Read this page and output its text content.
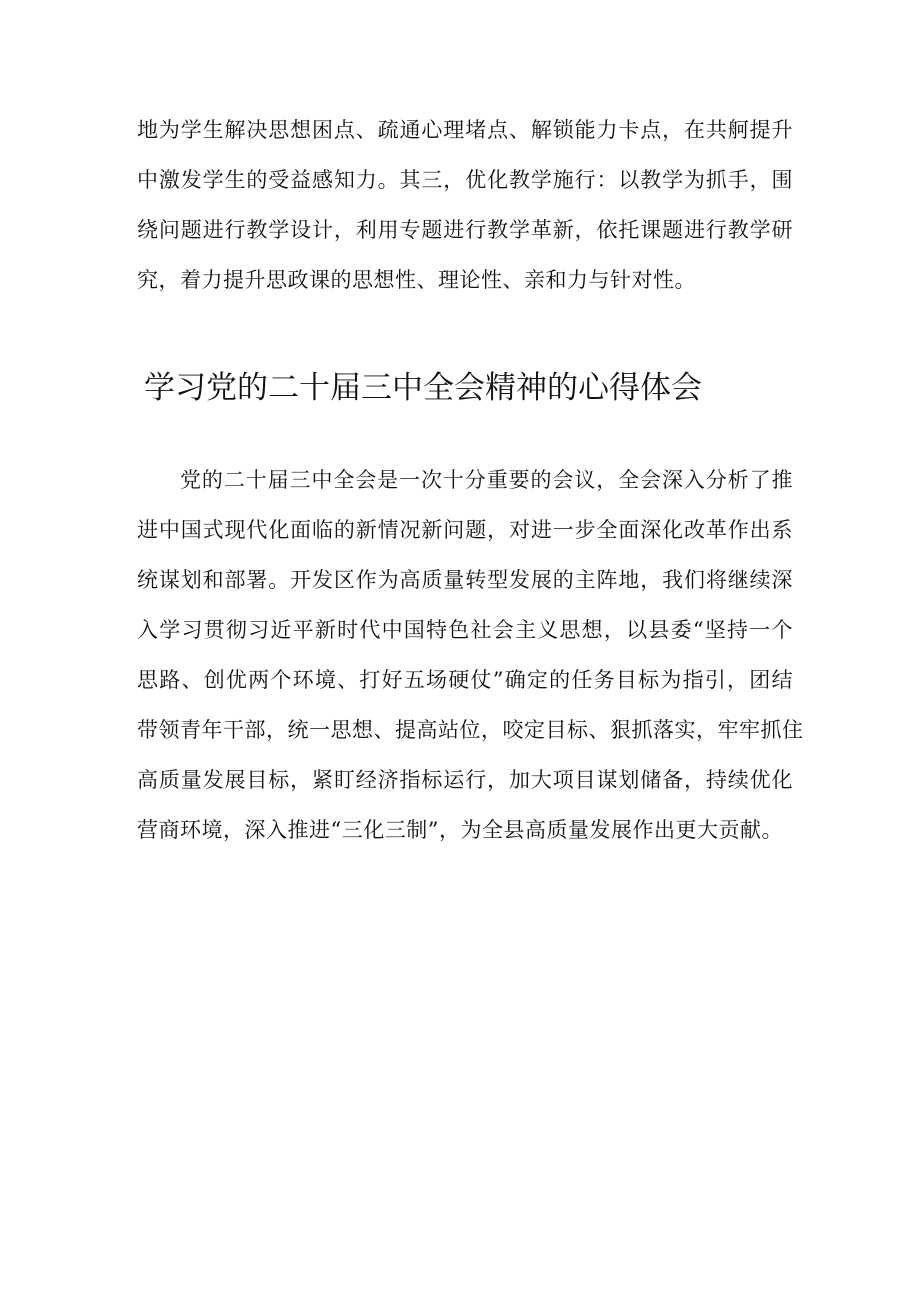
地为学生解决思想困点、疏通心理堵点、解锁能力卡点，在共舸提升
中激发学生的受益感知力。其三，优化教学施行：以教学为抓手，围
绕问题进行教学设计，利用专题进行教学革新，依托课题进行教学研
究，着力提升思政课的思想性、理论性、亲和力与针对性。
学习党的二十届三中全会精神的心得体会
党的二十届三中全会是一次十分重要的会议，全会深入分析了推
进中国式现代化面临的新情况新问题，对进一步全面深化改革作出系
统谋划和部署。开发区作为高质量转型发展的主阵地，我们将继续深
入学习贯彻习近平新时代中国特色社会主义思想，以县委“坚持一个
思路、创优两个环境、打好五场硬仗”确定的任务目标为指引，团结
带领青年干部，统一思想、提高站位，咬定目标、狠抓落实，牢牢抓住
高质量发展目标，紧盯经济指标运行，加大项目谋划储备，持续优化
营商环境，深入推进“三化三制”，为全县高质量发展作出更大贡献。
